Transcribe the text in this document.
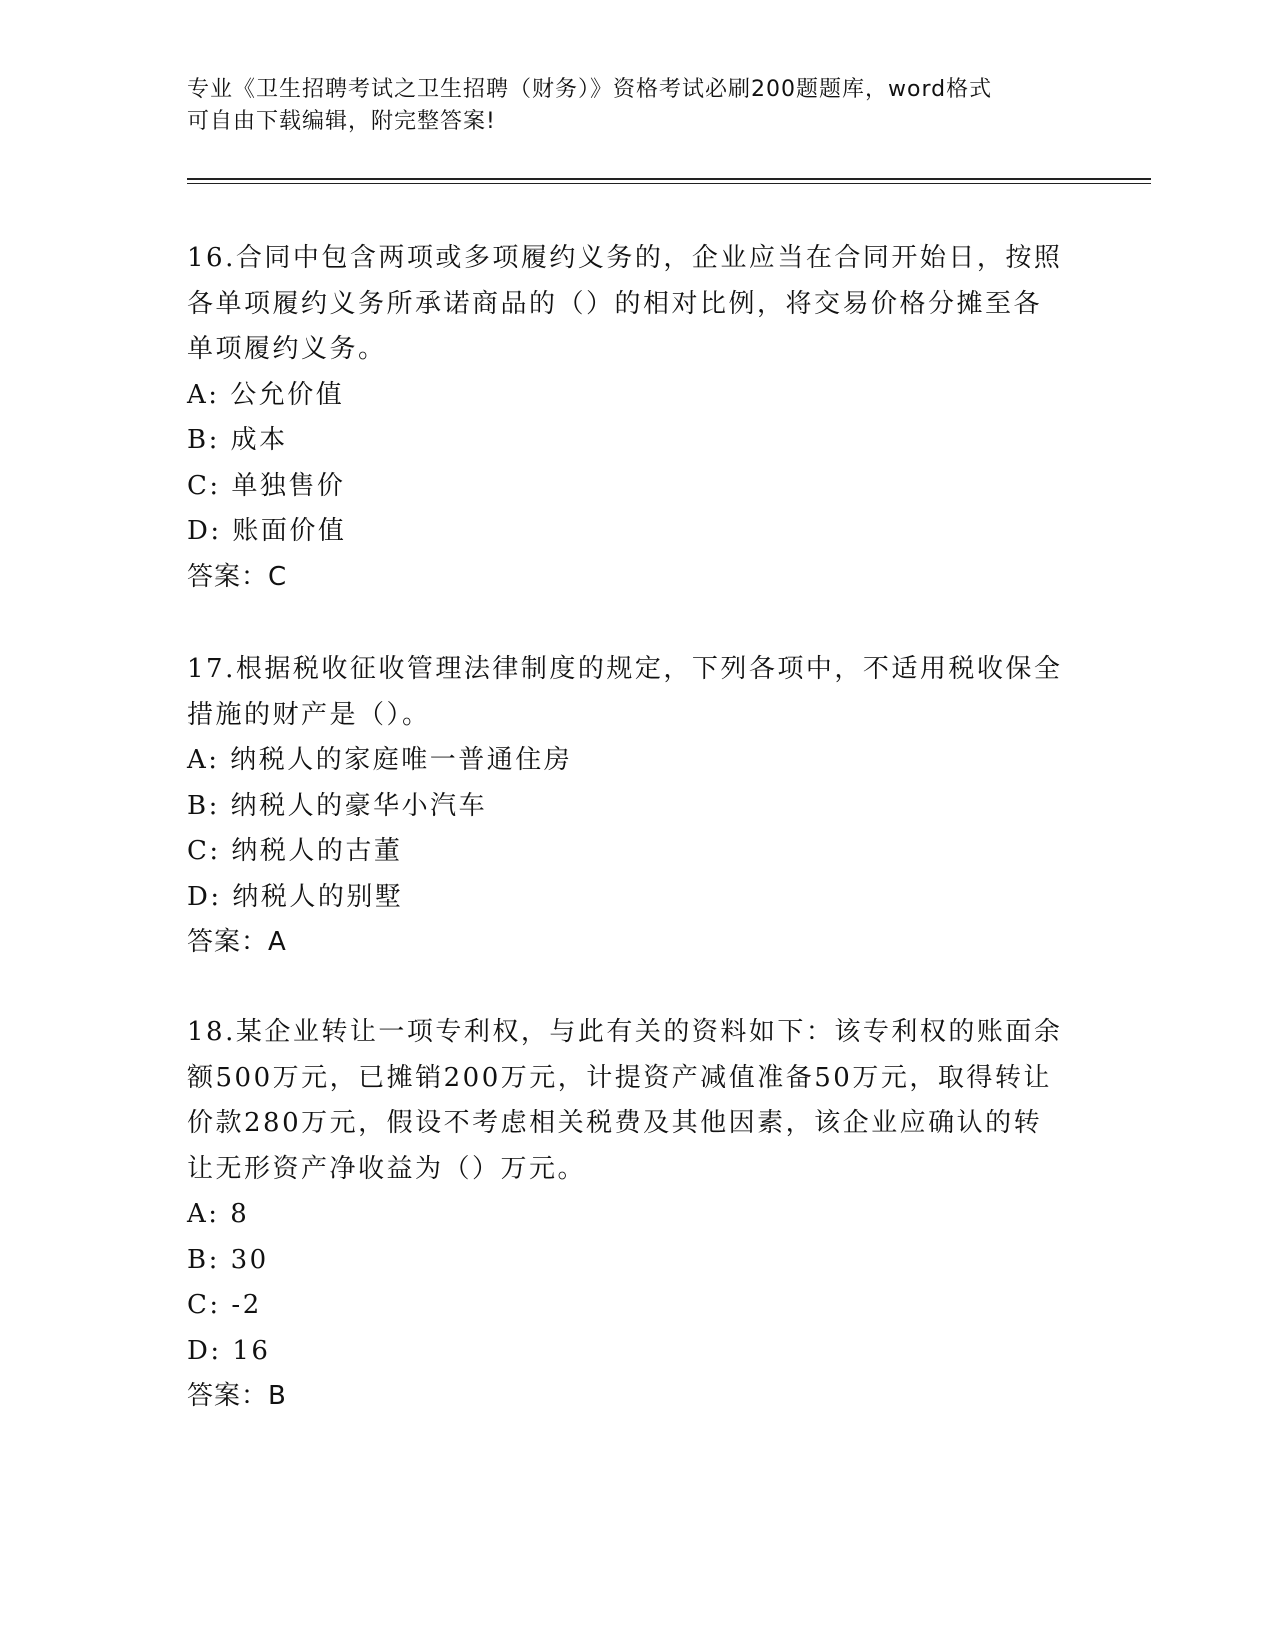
专业《卫生招聘考试之卫生招聘（财务）》资格考试必刷200题题库，word格式
可自由下载编辑，附完整答案!

16.合同中包含两项或多项履约义务的，企业应当在合同开始日，按照

各单项履约义务所承诺商品的（）的相对比例，将交易价格分摊至各

单项履约义务。

A: 公允价值

B: 成本

C: 单独售价

D: 账面价值

答案：C

17.根据税收征收管理法律制度的规定，下列各项中，不适用税收保全

措施的财产是（）。

A: 纳税人的家庭唯一普通住房

B: 纳税人的豪华小汽车

C: 纳税人的古董

D: 纳税人的别墅

答案：A

18.某企业转让一项专利权，与此有关的资料如下：该专利权的账面余

额500万元，已摊销200万元，计提资产减值准备50万元，取得转让

价款280万元，假设不考虑相关税费及其他因素，该企业应确认的转

让无形资产净收益为（）万元。

A: 8

B: 30

C: -2

D: 16

答案：B
